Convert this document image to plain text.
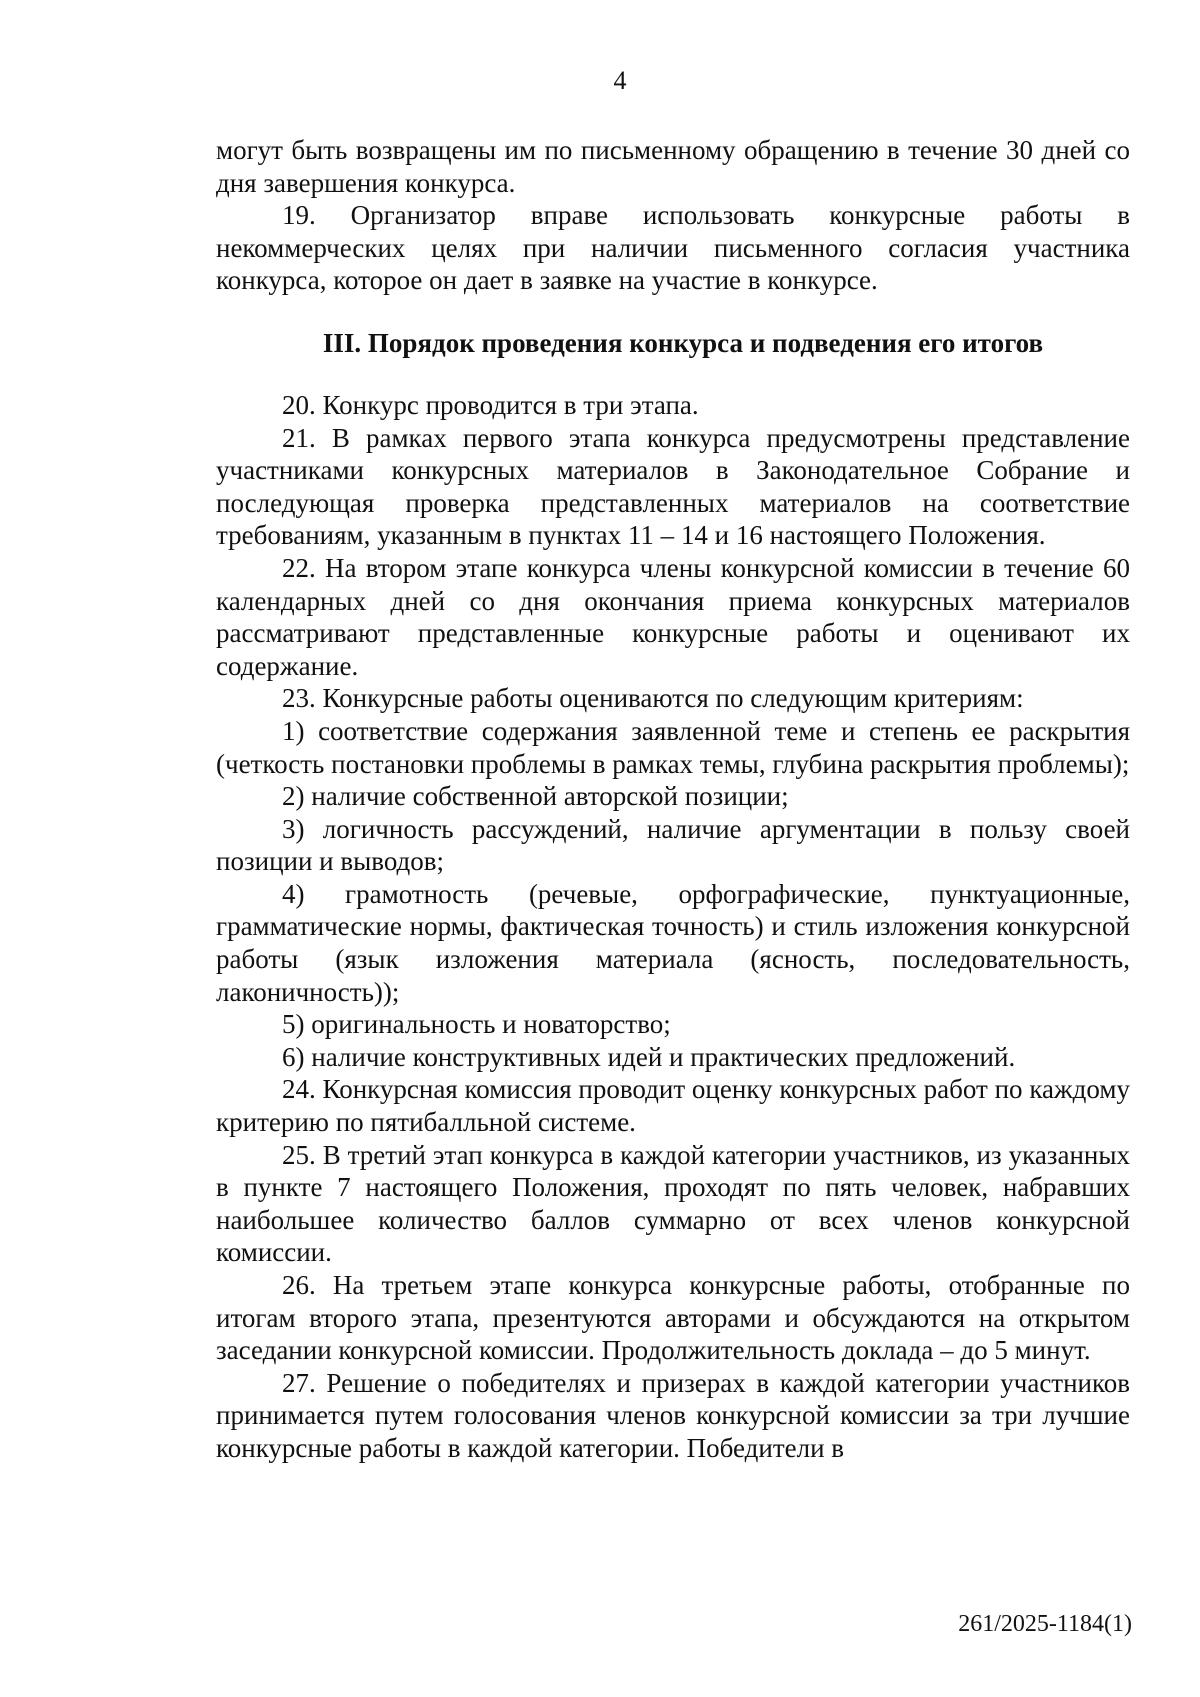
4

могут быть возвращены им по письменному обращению в течение 30 дней со дня завершения конкурса.

19. Организатор вправе использовать конкурсные работы в некоммерческих целях при наличии письменного согласия участника конкурса, которое он дает в заявке на участие в конкурсе.

III. Порядок проведения конкурса и подведения его итогов

20. Конкурс проводится в три этапа.

21. В рамках первого этапа конкурса предусмотрены представление участниками конкурсных материалов в Законодательное Собрание и последующая проверка представленных материалов на соответствие требованиям, указанным в пунктах 11 – 14 и 16 настоящего Положения.

22. На втором этапе конкурса члены конкурсной комиссии в течение 60 календарных дней со дня окончания приема конкурсных материалов рассматривают представленные конкурсные работы и оценивают их содержание.

23. Конкурсные работы оцениваются по следующим критериям:

1) соответствие содержания заявленной теме и степень ее раскрытия (четкость постановки проблемы в рамках темы, глубина раскрытия проблемы);

2) наличие собственной авторской позиции;

3) логичность рассуждений, наличие аргументации в пользу своей позиции и выводов;

4) грамотность (речевые, орфографические, пунктуационные, грамматические нормы, фактическая точность) и стиль изложения конкурсной работы (язык изложения материала (ясность, последовательность, лаконичность));

5) оригинальность и новаторство;

6) наличие конструктивных идей и практических предложений.

24. Конкурсная комиссия проводит оценку конкурсных работ по каждому критерию по пятибалльной системе.

25. В третий этап конкурса в каждой категории участников, из указанных в пункте 7 настоящего Положения, проходят по пять человек, набравших наибольшее количество баллов суммарно от всех членов конкурсной комиссии.

26. На третьем этапе конкурса конкурсные работы, отобранные по итогам второго этапа, презентуются авторами и обсуждаются на открытом заседании конкурсной комиссии. Продолжительность доклада – до 5 минут.

27. Решение о победителях и призерах в каждой категории участников принимается путем голосования членов конкурсной комиссии за три лучшие конкурсные работы в каждой категории. Победители в

261/2025-1184(1)
